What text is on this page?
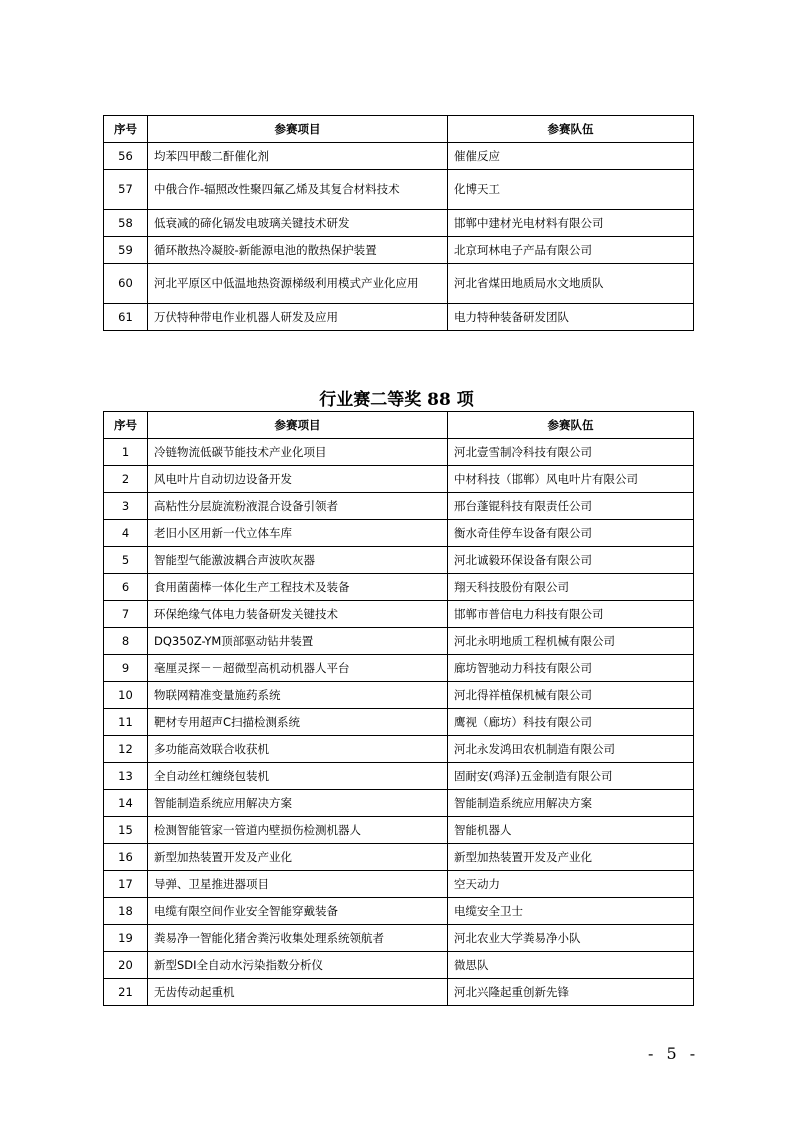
序号	参赛项目	参赛队伍
56	均苯四甲酸二酐催化剂	催催反应
57	中俄合作-辐照改性聚四氟乙烯及其复合材料技术	化博天工
58	低衰减的碲化镉发电玻璃关键技术研发	邯郸中建材光电材料有限公司
59	循环散热冷凝胶-新能源电池的散热保护装置	北京珂林电子产品有限公司
60	河北平原区中低温地热资源梯级利用模式产业化应用	河北省煤田地质局水文地质队
61	万伏特种带电作业机器人研发及应用	电力特种装备研发团队
行业赛二等奖 88 项
序号	参赛项目	参赛队伍
1	冷链物流低碳节能技术产业化项目	河北壹雪制冷科技有限公司
2	风电叶片自动切边设备开发	中材科技（邯郸）风电叶片有限公司
3	高粘性分层旋流粉液混合设备引领者	邢台蓬锟科技有限责任公司
4	老旧小区用新一代立体车库	衡水奇佳停车设备有限公司
5	智能型气能激波耦合声波吹灰器	河北诚毅环保设备有限公司
6	食用菌菌棒一体化生产工程技术及装备	翔天科技股份有限公司
7	环保绝缘气体电力装备研发关键技术	邯郸市普信电力科技有限公司
8	DQ350Z-YM顶部驱动钻井装置	河北永明地质工程机械有限公司
9	毫厘灵探－－超微型高机动机器人平台	廊坊智驰动力科技有限公司
10	物联网精准变量施药系统	河北得祥植保机械有限公司
11	靶材专用超声C扫描检测系统	鹰视（廊坊）科技有限公司
12	多功能高效联合收获机	河北永发鸿田农机制造有限公司
13	全自动丝杠缠绕包装机	固耐安(鸡泽)五金制造有限公司
14	智能制造系统应用解决方案	智能制造系统应用解决方案
15	检测智能管家一管道内壁损伤检测机器人	智能机器人
16	新型加热装置开发及产业化	新型加热装置开发及产业化
17	导弹、卫星推进器项目	空天动力
18	电缆有限空间作业安全智能穿戴装备	电缆安全卫士
19	粪易净一智能化猪舍粪污收集处理系统领航者	河北农业大学粪易净小队
20	新型SDI全自动水污染指数分析仪	微思队
21	无齿传动起重机	河北兴隆起重创新先锋
- 5 -
